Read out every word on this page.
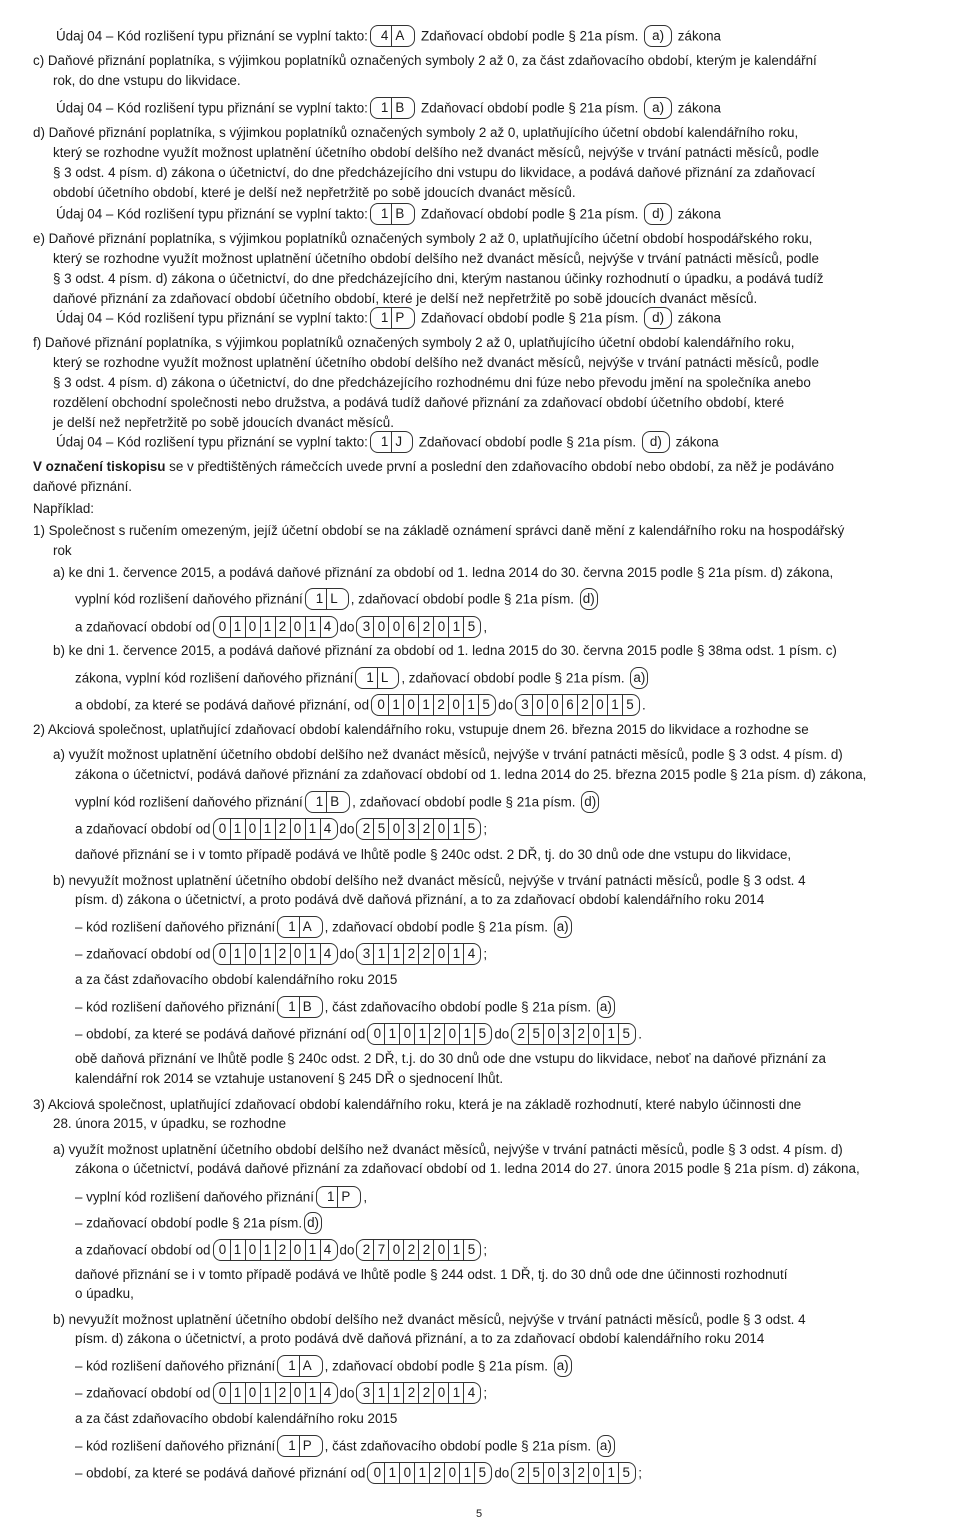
Údaj 04 – Kód rozlišení typu přiznání se vyplní takto: 4 A Zdaňovací období podle § 21a písm. a) zákona
c) Daňové přiznání poplatníka, s výjimkou poplatníků označených symboly 2 až 0, za část zdaňovacího období, kterým je kalendářní
rok, do dne vstupu do likvidace.
Údaj 04 – Kód rozlišení typu přiznání se vyplní takto: 1 B Zdaňovací období podle § 21a písm. a) zákona
d) Daňové přiznání poplatníka, s výjimkou poplatníků označených symboly 2 až 0, uplatňujícího účetní období kalendářního roku,
který se rozhodne využít možnost uplatnění účetního období delšího než dvanáct měsíců, nejvýše v trvání patnácti měsíců, podle
§ 3 odst. 4 písm. d) zákona o účetnictví, do dne předcházejícího dni vstupu do likvidace, a podává daňové přiznání za zdaňovací
období účetního období, které je delší než nepřetržitě po sobě jdoucích dvanáct měsíců.
Údaj 04 – Kód rozlišení typu přiznání se vyplní takto: 1 B Zdaňovací období podle § 21a písm. d) zákona
e) Daňové přiznání poplatníka, s výjimkou poplatníků označených symboly 2 až 0, uplatňujícího účetní období hospodářského roku,
který se rozhodne využít možnost uplatnění účetního období delšího než dvanáct měsíců, nejvýše v trvání patnácti měsíců, podle
§ 3 odst. 4 písm. d) zákona o účetnictví, do dne předcházejícího dni, kterým nastanou účinky rozhodnutí o úpadku, a podává tudíž
daňové přiznání za zdaňovací období účetního období, které je delší než nepřetržitě po sobě jdoucích dvanáct měsíců.
Údaj 04 – Kód rozlišení typu přiznání se vyplní takto: 1 P Zdaňovací období podle § 21a písm. d) zákona
f) Daňové přiznání poplatníka, s výjimkou poplatníků označených symboly 2 až 0, uplatňujícího účetní období kalendářního roku,
který se rozhodne využít možnost uplatnění účetního období delšího než dvanáct měsíců, nejvýše v trvání patnácti měsíců, podle
§ 3 odst. 4 písm. d) zákona o účetnictví, do dne předcházejícího rozhodnému dni fúze nebo převodu jmění na společníka anebo
rozdělení obchodní společnosti nebo družstva, a podává tudíž daňové přiznání za zdaňovací období účetního období, které
je delší než nepřetržitě po sobě jdoucích dvanáct měsíců.
Údaj 04 – Kód rozlišení typu přiznání se vyplní takto: 1 J Zdaňovací období podle § 21a písm. d) zákona
V označení tiskopisu se v předtištěných rámečcích uvede první a poslední den zdaňovacího období nebo období, za něž je podáváno
daňové přiznání.
Například:
1) Společnost s ručením omezeným, jejíž účetní období se na základě oznámení správci daně mění z kalendářního roku na hospodářský
rok
a) ke dni 1. července 2015, a podává daňové přiznání za období od 1. ledna 2014 do 30. června 2015 podle § 21a písm. d) zákona,
vyplní kód rozlišení daňového přiznání 1 L , zdaňovací období podle § 21a písm. d)
a zdaňovací období od 0 1 0 1 2 0 1 4 do 3 0 0 6 2 0 1 5 ,
b) ke dni 1. července 2015, a podává daňové přiznání za období od 1. ledna 2015 do 30. června 2015 podle § 38ma odst. 1 písm. c)
zákona, vyplní kód rozlišení daňového přiznání 1 L , zdaňovací období podle § 21a písm. a)
a období, za které se podává daňové přiznání, od 0 1 0 1 2 0 1 5 do 3 0 0 6 2 0 1 5 .
2) Akciová společnost, uplatňující zdaňovací období kalendářního roku, vstupuje dnem 26. března 2015 do likvidace a rozhodne se
a) využít možnost uplatnění účetního období delšího než dvanáct měsíců, nejvýše v trvání patnácti měsíců, podle § 3 odst. 4 písm. d)
zákona o účetnictví, podává daňové přiznání za zdaňovací období od 1. ledna 2014 do 25. března 2015 podle § 21a písm. d) zákona,
vyplní kód rozlišení daňového přiznání 1 B , zdaňovací období podle § 21a písm. d)
a zdaňovací období od 0 1 0 1 2 0 1 4 do 2 5 0 3 2 0 1 5 ;
daňové přiznání se i v tomto případě podává ve lhůtě podle § 240c odst. 2 DŘ, tj. do 30 dnů ode dne vstupu do likvidace,
b) nevyužít možnost uplatnění účetního období delšího než dvanáct měsíců, nejvýše v trvání patnácti měsíců, podle § 3 odst. 4
písm. d) zákona o účetnictví, a proto podává dvě daňová přiznání, a to za zdaňovací období kalendářního roku 2014
– kód rozlišení daňového přiznání 1 A , zdaňovací období podle § 21a písm. a)
– zdaňovací období od 0 1 0 1 2 0 1 4 do 3 1 1 2 2 0 1 4 ;
a za část zdaňovacího období kalendářního roku 2015
– kód rozlišení daňového přiznání 1 B , část zdaňovacího období podle § 21a písm. a)
– období, za které se podává daňové přiznání od 0 1 0 1 2 0 1 5 do 2 5 0 3 2 0 1 5 .
obě daňová přiznání ve lhůtě podle § 240c odst. 2 DŘ, t.j. do 30 dnů ode dne vstupu do likvidace, neboť na daňové přiznání za
kalendářní rok 2014 se vztahuje ustanovení § 245 DŘ o sjednocení lhůt.
3) Akciová společnost, uplatňující zdaňovací období kalendářního roku, která je na základě rozhodnutí, které nabylo účinnosti dne
28. února 2015, v úpadku, se rozhodne
a) využít možnost uplatnění účetního období delšího než dvanáct měsíců, nejvýše v trvání patnácti měsíců, podle § 3 odst. 4 písm. d)
zákona o účetnictví, podává daňové přiznání za zdaňovací období od 1. ledna 2014 do 27. února 2015 podle § 21a písm. d) zákona,
– vyplní kód rozlišení daňového přiznání 1 P ,
– zdaňovací období podle § 21a písm. d)
a zdaňovací období od 0 1 0 1 2 0 1 4 do 2 7 0 2 2 0 1 5 ;
daňové přiznání se i v tomto případě podává ve lhůtě podle § 244 odst. 1 DŘ, tj. do 30 dnů ode dne účinnosti rozhodnutí
o úpadku,
b) nevyužít možnost uplatnění účetního období delšího než dvanáct měsíců, nejvýše v trvání patnácti měsíců, podle § 3 odst. 4
písm. d) zákona o účetnictví, a proto podává dvě daňová přiznání, a to za zdaňovací období kalendářního roku 2014
– kód rozlišení daňového přiznání 1 A , zdaňovací období podle § 21a písm. a)
– zdaňovací období od 0 1 0 1 2 0 1 4 do 3 1 1 2 2 0 1 4 ;
a za část zdaňovacího období kalendářního roku 2015
– kód rozlišení daňového přiznání 1 P , část zdaňovacího období podle § 21a písm. a)
– období, za které se podává daňové přiznání od 0 1 0 1 2 0 1 5 do 2 5 0 3 2 0 1 5 ;
5
